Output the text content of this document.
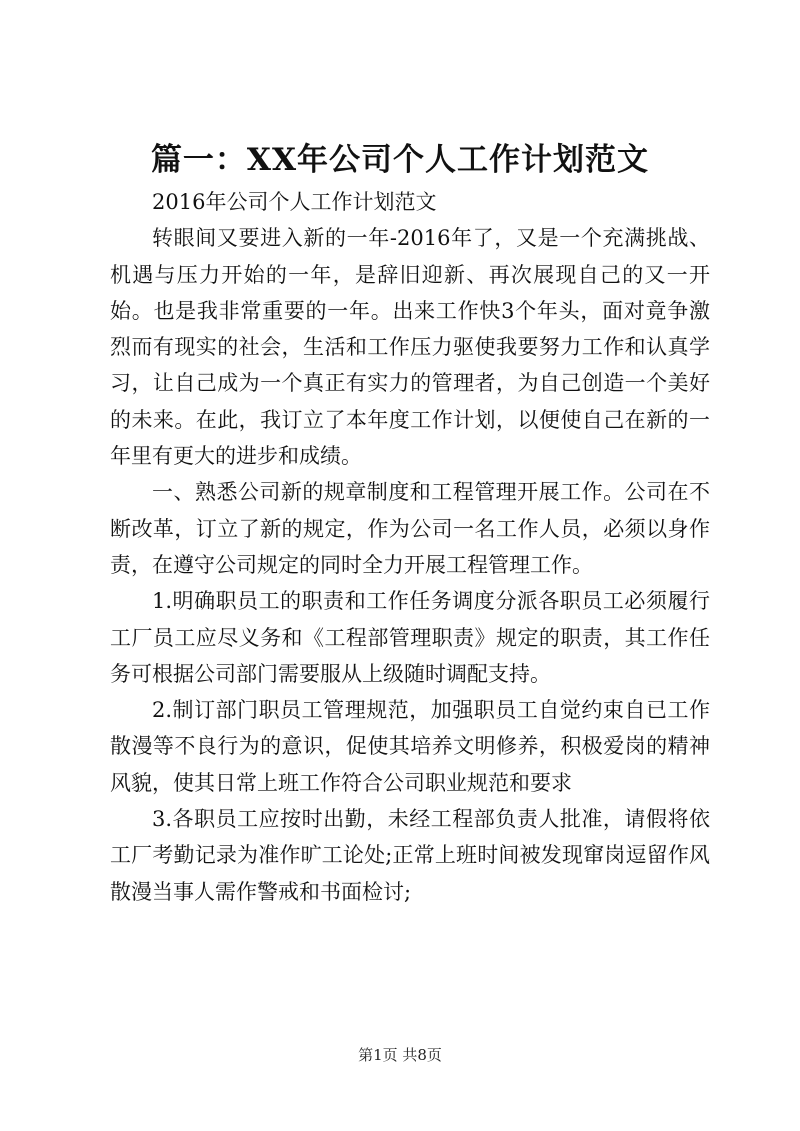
篇一：XX年公司个人工作计划范文

2016年公司个人工作计划范文

转眼间又要进入新的一年-2016年了，又是一个充满挑战、机遇与压力开始的一年，是辞旧迎新、再次展现自己的又一开始。也是我非常重要的一年。出来工作快3个年头，面对竟争激烈而有现实的社会，生活和工作压力驱使我要努力工作和认真学习，让自己成为一个真正有实力的管理者，为自己创造一个美好的未来。在此，我订立了本年度工作计划，以便使自己在新的一年里有更大的进步和成绩。

一、熟悉公司新的规章制度和工程管理开展工作。公司在不断改革，订立了新的规定，作为公司一名工作人员，必须以身作责，在遵守公司规定的同时全力开展工程管理工作。

1.明确职员工的职责和工作任务调度分派各职员工必须履行工厂员工应尽义务和《工程部管理职责》规定的职责，其工作任务可根据公司部门需要服从上级随时调配支持。

2.制订部门职员工管理规范，加强职员工自觉约束自已工作散漫等不良行为的意识，促使其培养文明修养，积极爱岗的精神风貌，使其日常上班工作符合公司职业规范和要求

3.各职员工应按时出勤，未经工程部负责人批准，请假将依工厂考勤记录为准作旷工论处;正常上班时间被发现窜岗逗留作风散漫当事人需作警戒和书面检讨;

第1页 共8页
